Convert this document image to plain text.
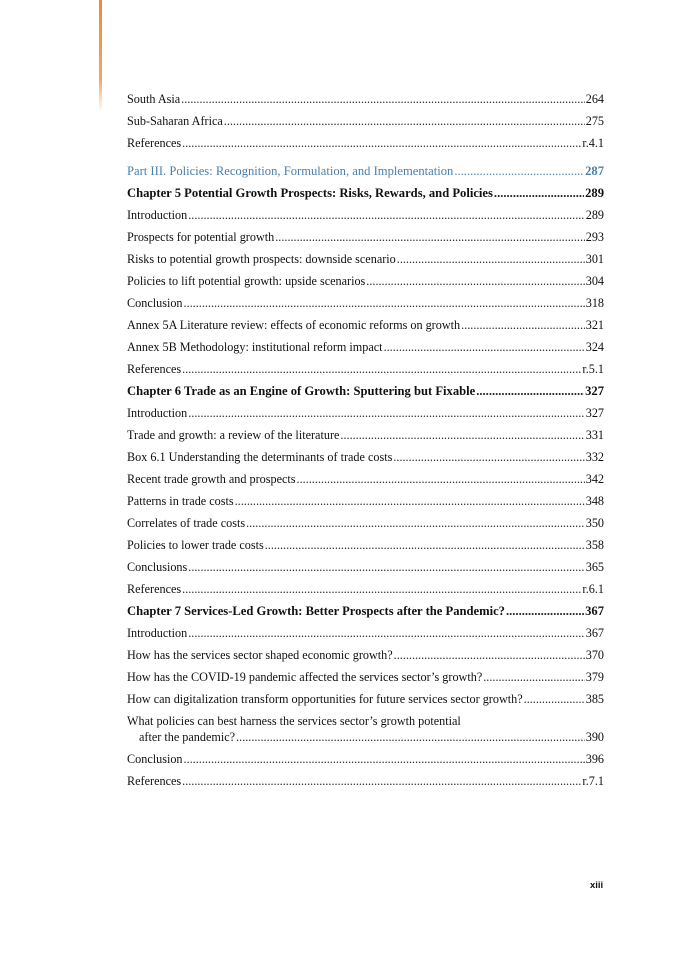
South Asia .....	264
Sub-Saharan Africa .....	275
References .....	r.4.1
Part III. Policies: Recognition, Formulation, and Implementation .....	287
Chapter 5 Potential Growth Prospects: Risks, Rewards, and Policies .....	289
Introduction .....	289
Prospects for potential growth .....	293
Risks to potential growth prospects: downside scenario .....	301
Policies to lift potential growth: upside scenarios .....	304
Conclusion .....	318
Annex 5A Literature review: effects of economic reforms on growth .....	321
Annex 5B Methodology: institutional reform impact .....	324
References .....	r.5.1
Chapter 6 Trade as an Engine of Growth: Sputtering but Fixable .....	327
Introduction .....	327
Trade and growth: a review of the literature .....	331
Box 6.1 Understanding the determinants of trade costs .....	332
Recent trade growth and prospects .....	342
Patterns in trade costs .....	348
Correlates of trade costs .....	350
Policies to lower trade costs .....	358
Conclusions .....	365
References .....	r.6.1
Chapter 7 Services-Led Growth: Better Prospects after the Pandemic? .....	367
Introduction .....	367
How has the services sector shaped economic growth? .....	370
How has the COVID-19 pandemic affected the services sector’s growth? .....	379
How can digitalization transform opportunities for future services sector growth? .....	385
What policies can best harness the services sector’s growth potential
after the pandemic? .....	390
Conclusion .....	396
References .....	r.7.1
xiii
